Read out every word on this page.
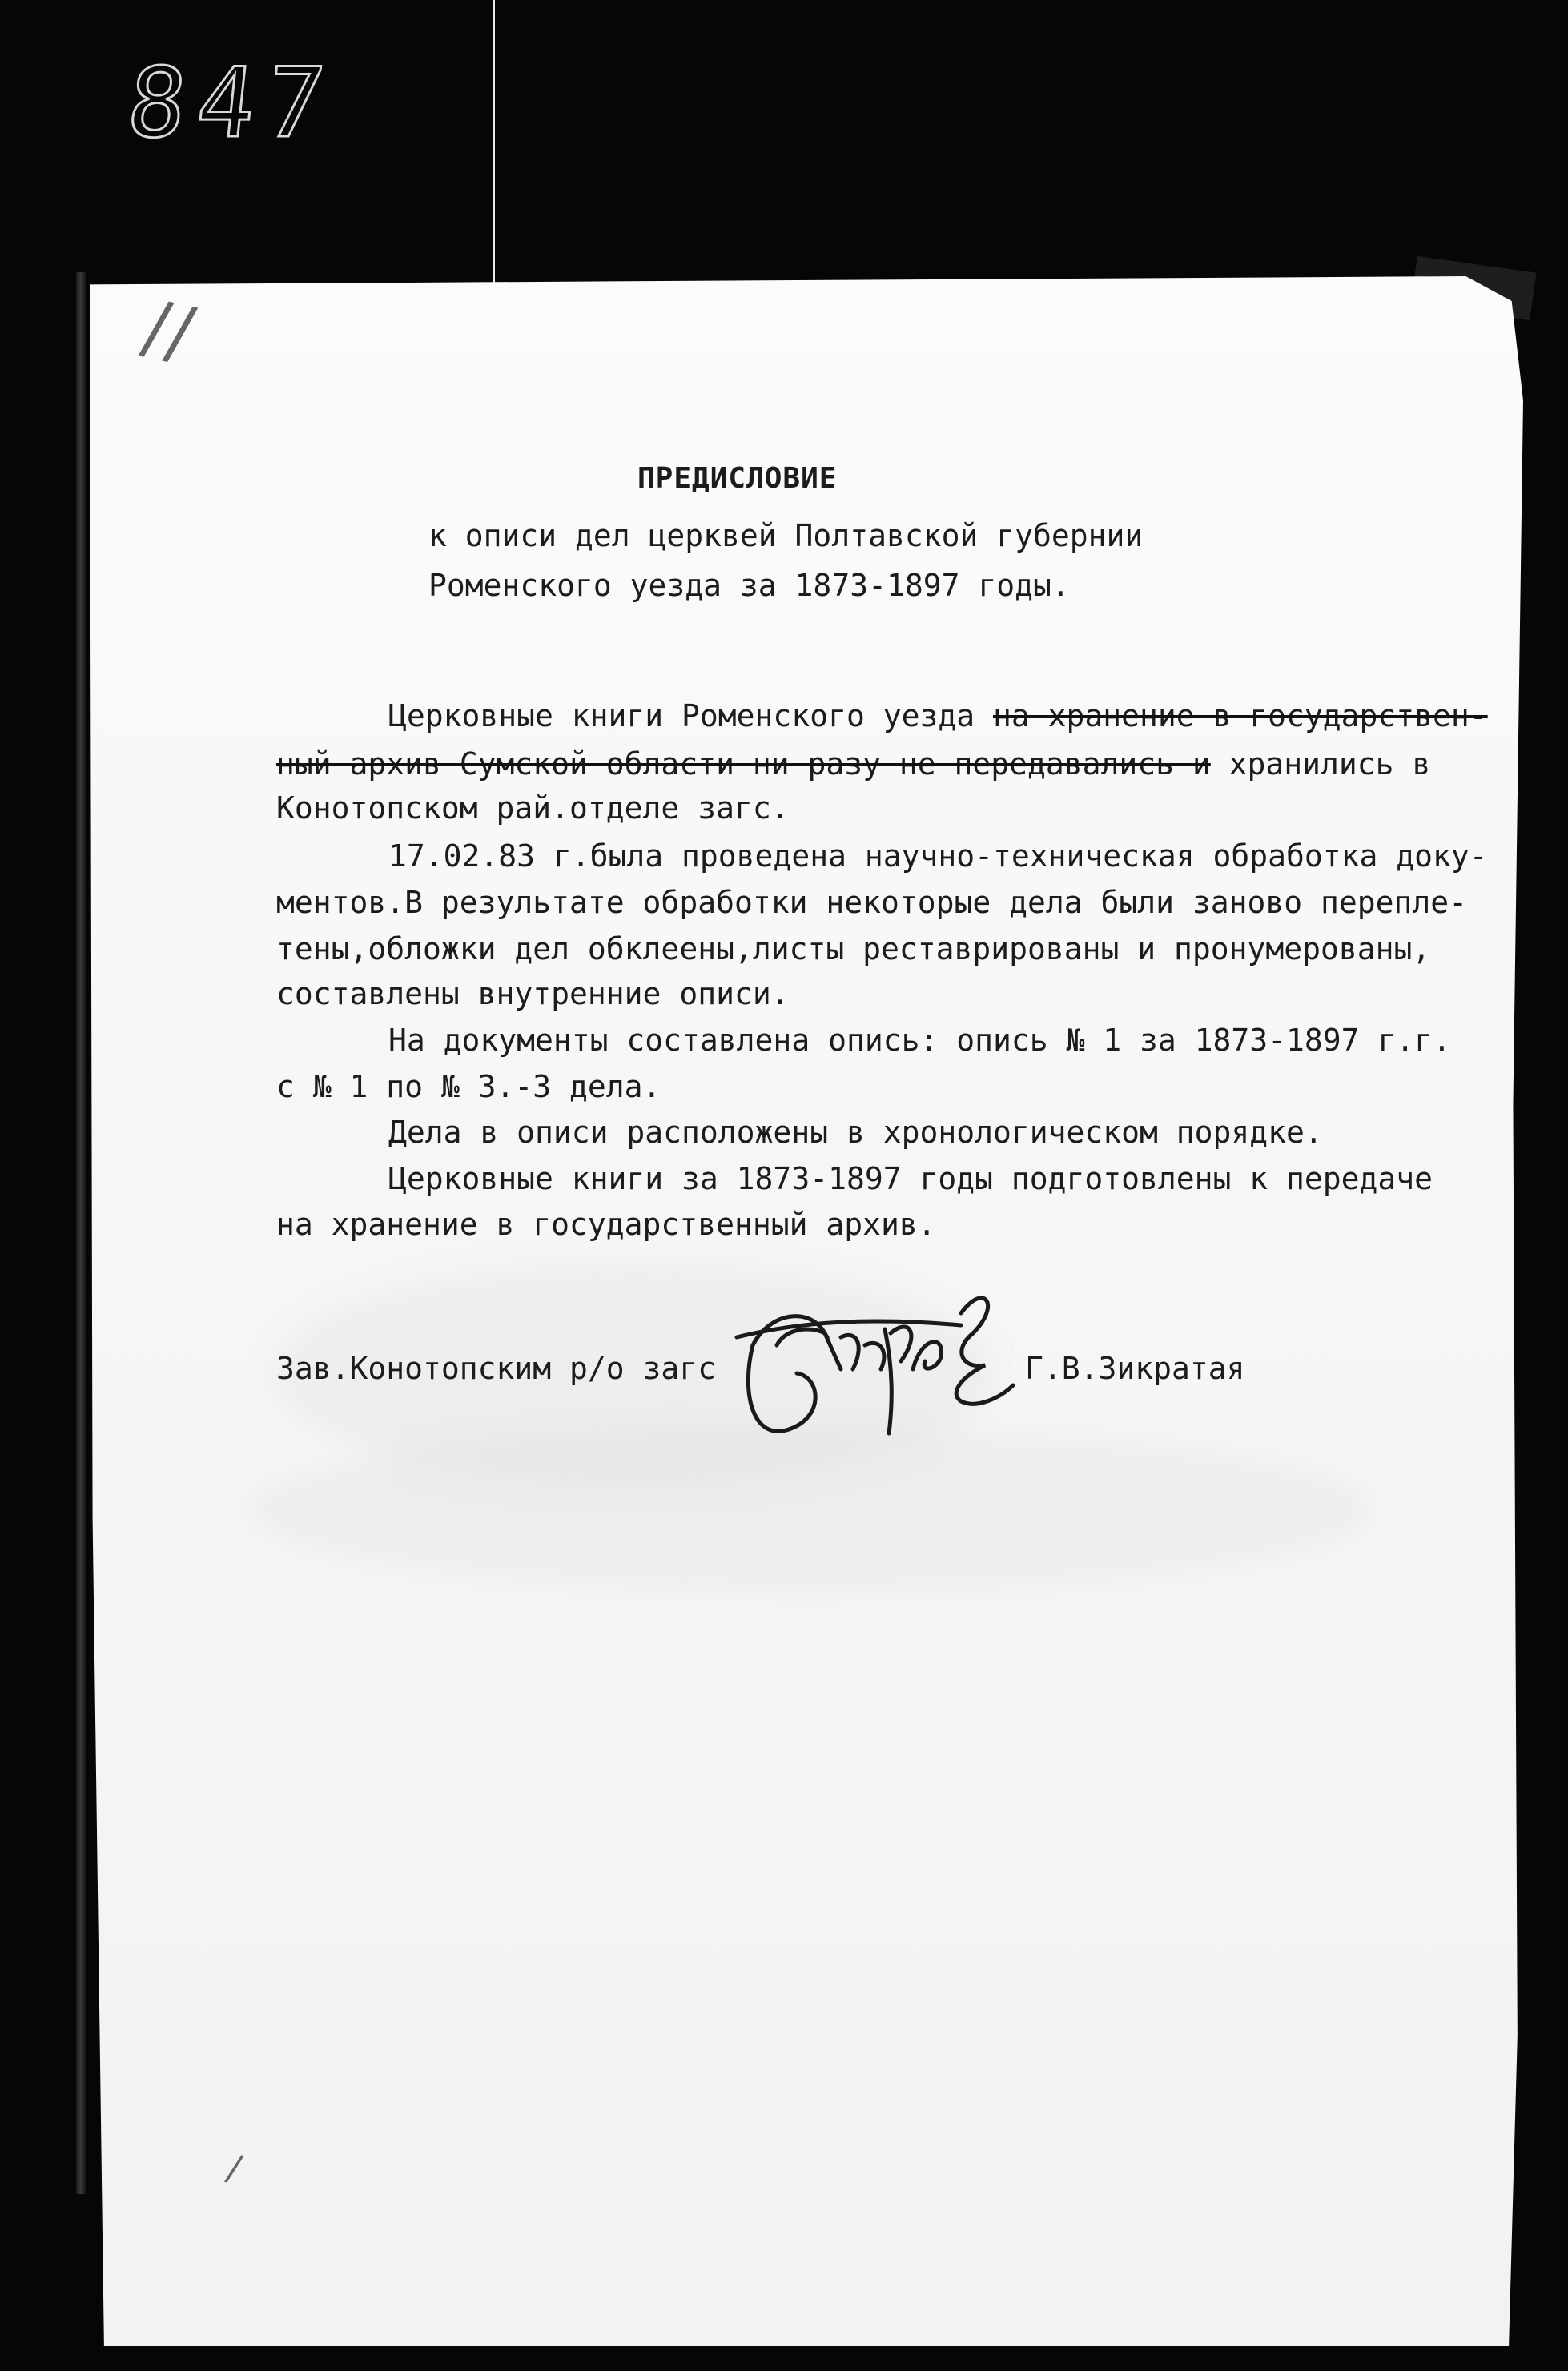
847
//
/
ПРЕДИСЛОВИЕ
к описи дел церквей Полтавской губернии
Роменского уезда за 1873-1897 годы.
Церковные книги Роменского уезда на хранение в государствен-
ный архив Сумской области ни разу не передавались и хранились в
Конотопском рай.отделе загс.
17.02.83 г.была проведена научно-техническая обработка доку-
ментов.В результате обработки некоторые дела были заново перепле-
тены,обложки дел обклеены,листы реставрированы и пронумерованы,
составлены внутренние описи.
На документы составлена опись: опись № 1 за 1873-1897 г.г.
с № 1 по № 3.-3 дела.
Дела в описи расположены в хронологическом порядке.
Церковные книги за 1873-1897 годы подготовлены к передаче
на хранение в государственный архив.
Зав.Конотопским р/о загс	Г.В.Зикратая
